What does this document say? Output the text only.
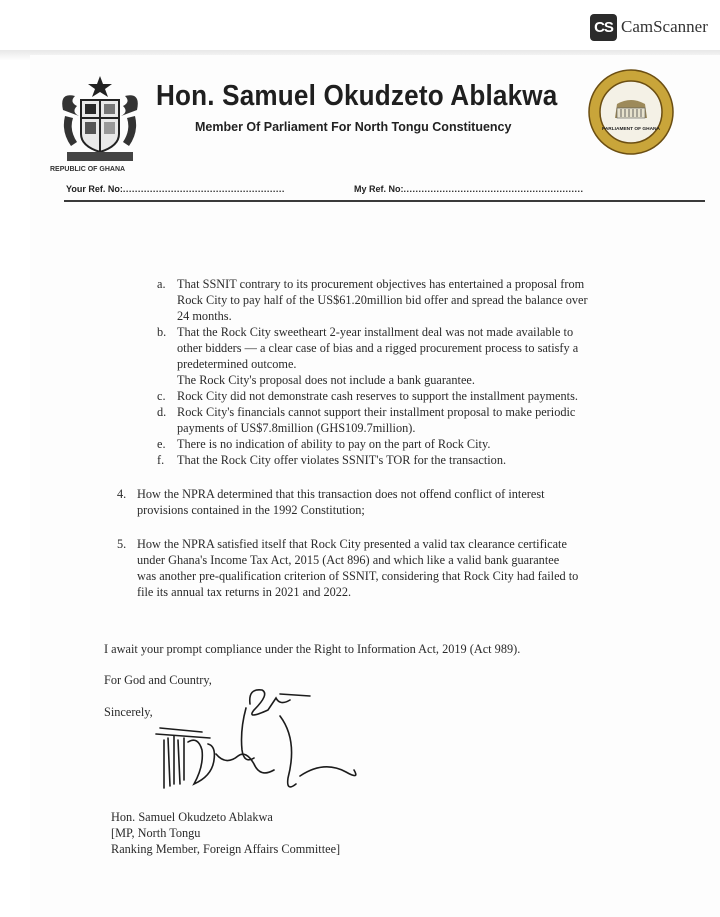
CS CamScanner
REPUBLIC OF GHANA
Hon. Samuel Okudzeto Ablakwa
Member Of Parliament For North Tongu Constituency	PARLIAMENT OF GHANA
Your Ref. No:......................................................	My Ref. No:............................................................
a. That SSNIT contrary to its procurement objectives has entertained a proposal from
Rock City to pay half of the US$61.20million bid offer and spread the balance over
24 months.
b. That the Rock City sweetheart 2-year installment deal was not made available to
other bidders — a clear case of bias and a rigged procurement process to satisfy a
predetermined outcome.
The Rock City's proposal does not include a bank guarantee.
c. Rock City did not demonstrate cash reserves to support the installment payments.
d. Rock City's financials cannot support their installment proposal to make periodic
payments of US$7.8million (GHS109.7million).
e. There is no indication of ability to pay on the part of Rock City.
f. That the Rock City offer violates SSNIT's TOR for the transaction.
4. How the NPRA determined that this transaction does not offend conflict of interest
provisions contained in the 1992 Constitution;
5. How the NPRA satisfied itself that Rock City presented a valid tax clearance certificate
under Ghana's Income Tax Act, 2015 (Act 896) and which like a valid bank guarantee
was another pre-qualification criterion of SSNIT, considering that Rock City had failed to
file its annual tax returns in 2021 and 2022.
I await your prompt compliance under the Right to Information Act, 2019 (Act 989).
For God and Country,
Sincerely,
Hon. Samuel Okudzeto Ablakwa
[MP, North Tongu
Ranking Member, Foreign Affairs Committee]
